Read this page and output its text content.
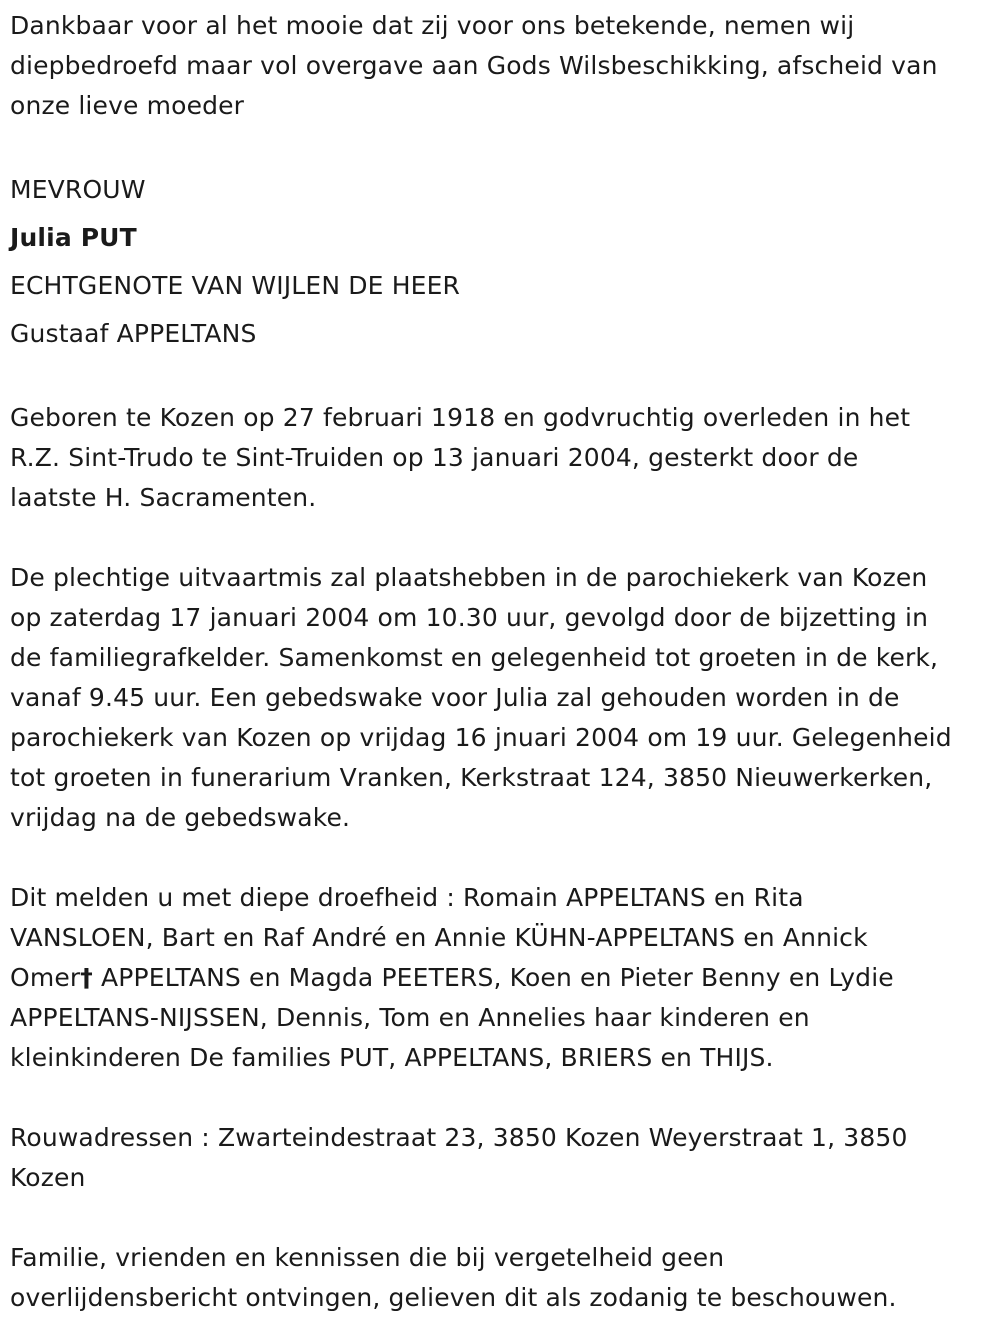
Dankbaar voor al het mooie dat zij voor ons betekende, nemen wij
diepbedroefd maar vol overgave aan Gods Wilsbeschikking, afscheid van
onze lieve moeder
MEVROUW
Julia PUT
ECHTGENOTE VAN WIJLEN DE HEER
Gustaaf APPELTANS
Geboren te Kozen op 27 februari 1918 en godvruchtig overleden in het
R.Z. Sint-Trudo te Sint-Truiden op 13 januari 2004, gesterkt door de
laatste H. Sacramenten.
De plechtige uitvaartmis zal plaatshebben in de parochiekerk van Kozen
op zaterdag 17 januari 2004 om 10.30 uur, gevolgd door de bijzetting in
de familiegrafkelder. Samenkomst en gelegenheid tot groeten in de kerk,
vanaf 9.45 uur. Een gebedswake voor Julia zal gehouden worden in de
parochiekerk van Kozen op vrijdag 16 jnuari 2004 om 19 uur. Gelegenheid
tot groeten in funerarium Vranken, Kerkstraat 124, 3850 Nieuwerkerken,
vrijdag na de gebedswake.
Dit melden u met diepe droefheid : Romain APPELTANS en Rita
VANSLOEN, Bart en Raf André en Annie KÜHN-APPELTANS en Annick
Omer† APPELTANS en Magda PEETERS, Koen en Pieter Benny en Lydie
APPELTANS-NIJSSEN, Dennis, Tom en Annelies haar kinderen en
kleinkinderen De families PUT, APPELTANS, BRIERS en THIJS.
Rouwadressen : Zwarteindestraat 23, 3850 Kozen Weyerstraat 1, 3850
Kozen
Familie, vrienden en kennissen die bij vergetelheid geen
overlijdensbericht ontvingen, gelieven dit als zodanig te beschouwen.
